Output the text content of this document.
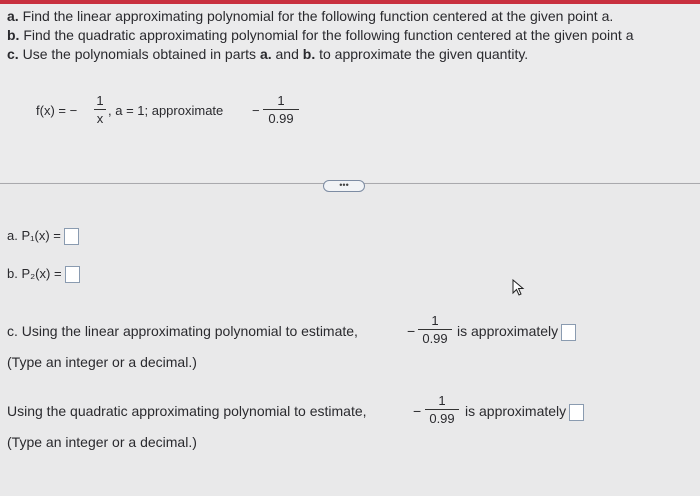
a. Find the linear approximating polynomial for the following function centered at the given point a.
b. Find the quadratic approximating polynomial for the following function centered at the given point a
c. Use the polynomials obtained in parts a. and b. to approximate the given quantity.
f(x) = −
1
x
, a = 1; approximate −
1
0.99
•••
a. P₁(x) =
b. P₂(x) =
c. Using the linear approximating polynomial to estimate,	−
1
0.99 is approximately
(Type an integer or a decimal.)
Using the quadratic approximating polynomial to estimate,	−
1
0.99 is approximately
(Type an integer or a decimal.)
